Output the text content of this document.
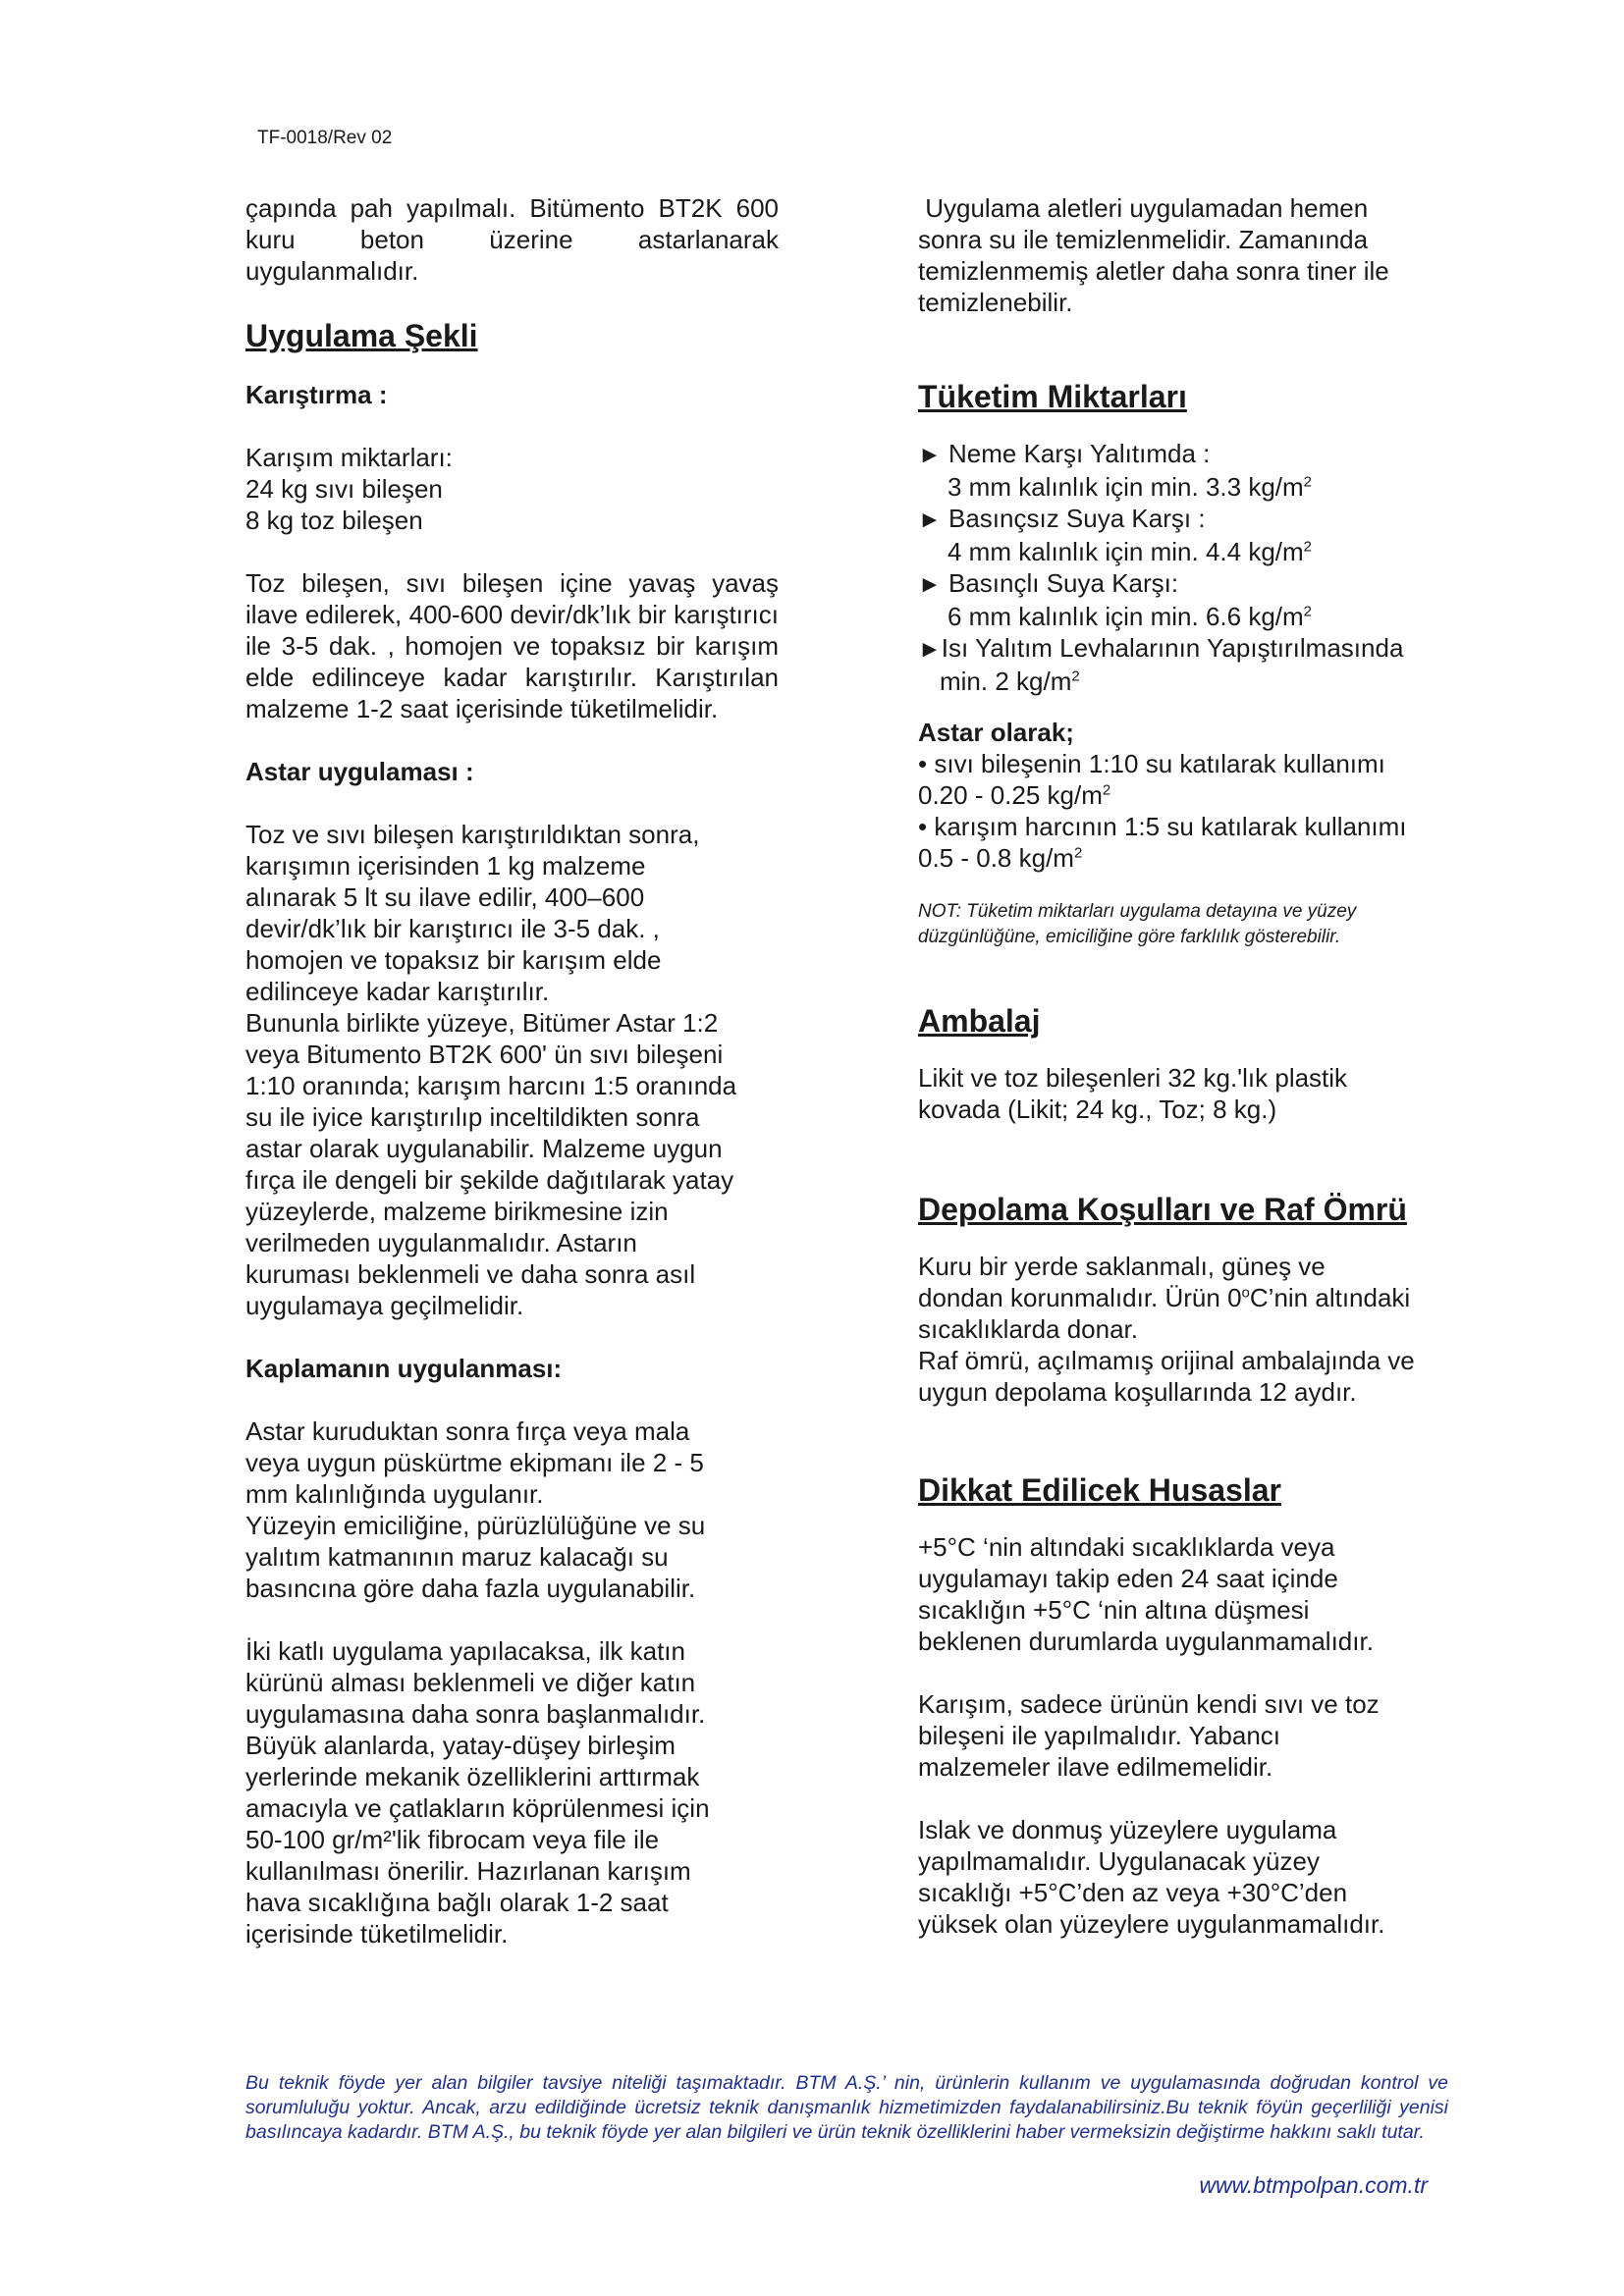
TF-0018/Rev 02

çapında pah yapılmalı. Bitümento BT2K 600 kuru beton üzerine astarlanarak uygulanmalıdır.

Uygulama Şekli
Karıştırma :
Karışım miktarları:
24 kg sıvı bileşen
8 kg toz bileşen

Toz bileşen, sıvı bileşen içine yavaş yavaş ilave edilerek, 400-600 devir/dk’lık bir karıştırıcı ile 3-5 dak. , homojen ve topaksız bir karışım elde edilinceye kadar karıştırılır. Karıştırılan malzeme 1-2 saat içerisinde tüketilmelidir.

Astar uygulaması :
Toz ve sıvı bileşen karıştırıldıktan sonra,
karışımın içerisinden 1 kg malzeme
alınarak 5 lt su ilave edilir, 400–600
devir/dk’lık bir karıştırıcı ile 3-5 dak. ,
homojen ve topaksız bir karışım elde
edilinceye kadar karıştırılır.
Bununla birlikte yüzeye, Bitümer Astar 1:2
veya Bitumento BT2K 600' ün sıvı bileşeni
1:10 oranında; karışım harcını 1:5 oranında
su ile iyice karıştırılıp inceltildikten sonra
astar olarak uygulanabilir. Malzeme uygun
fırça ile dengeli bir şekilde dağıtılarak yatay
yüzeylerde, malzeme birikmesine izin
verilmeden uygulanmalıdır. Astarın
kuruması beklenmeli ve daha sonra asıl
uygulamaya geçilmelidir.
Kaplamanın uygulanması:
Astar kuruduktan sonra fırça veya mala
veya uygun püskürtme ekipmanı ile 2 - 5
mm kalınlığında uygulanır.
Yüzeyin emiciliğine, pürüzlülüğüne ve su
yalıtım katmanının maruz kalacağı su
basıncına göre daha fazla uygulanabilir.
İki katlı uygulama yapılacaksa, ilk katın
kürünü alması beklenmeli ve diğer katın
uygulamasına daha sonra başlanmalıdır.
Büyük alanlarda, yatay-düşey birleşim
yerlerinde mekanik özelliklerini arttırmak
amacıyla ve çatlakların köprülenmesi için
50-100 gr/m²'lik fibrocam veya file ile
kullanılması önerilir. Hazırlanan karışım
hava sıcaklığına bağlı olarak 1-2 saat
içerisinde tüketilmelidir.
Uygulama aletleri uygulamadan hemen
sonra su ile temizlenmelidir. Zamanında
temizlenmemiş aletler daha sonra tiner ile
temizlenebilir.
Tüketim Miktarları
► Neme Karşı Yalıtımda :
3 mm kalınlık için min. 3.3 $kg/m^2$
► Basınçsız Suya Karşı :
4 mm kalınlık için min. 4.4 $kg/m^2$
► Basınçlı Suya Karşı:
6 mm kalınlık için min. 6.6 $kg/m^2$
►Isı Yalıtım Levhalarının Yapıştırılmasında
min. 2 $kg/m^2$
Astar olarak;
• sıvı bileşenin 1:10 su katılarak kullanımı
0.20 - 0.25 $kg/m^2$
• karışım harcının 1:5 su katılarak kullanımı
0.5 - 0.8 $kg/m^2$
NOT: Tüketim miktarları uygulama detayına ve yüzey
düzgünlüğüne, emiciliğine göre farklılık gösterebilir.
Ambalaj
Likit ve toz bileşenleri 32 kg.'lık plastik
kovada (Likit; 24 kg., Toz; 8 kg.)
Depolama Koşulları ve Raf Ömrü
Kuru bir yerde saklanmalı, güneş ve
dondan korunmalıdır. Ürün 0$^o$C’nin altındaki
sıcaklıklarda donar.
Raf ömrü, açılmamış orijinal ambalajında ve
uygun depolama koşullarında 12 aydır.
Dikkat Edilicek Husaslar
+5°C ‘nin altındaki sıcaklıklarda veya
uygulamayı takip eden 24 saat içinde
sıcaklığın +5°C ‘nin altına düşmesi
beklenen durumlarda uygulanmamalıdır.
Karışım, sadece ürünün kendi sıvı ve toz
bileşeni ile yapılmalıdır. Yabancı
malzemeler ilave edilmemelidir.
Islak ve donmuş yüzeylere uygulama
yapılmamalıdır. Uygulanacak yüzey
sıcaklığı +5°C’den az veya +30°C’den
yüksek olan yüzeylere uygulanmamalıdır.
Bu teknik föyde yer alan bilgiler tavsiye niteliği taşımaktadır. BTM A.Ş.’ nin, ürünlerin kullanım ve uygulamasında doğrudan kontrol ve sorumluluğu yoktur. Ancak, arzu edildiğinde ücretsiz teknik danışmanlık hizmetimizden faydalanabilirsiniz.Bu teknik föyün geçerliliği yenisi basılıncaya kadardır. BTM A.Ş., bu teknik föyde yer alan bilgileri ve ürün teknik özelliklerini haber vermeksizin değiştirme hakkını saklı tutar.
www.btmpolpan.com.tr
